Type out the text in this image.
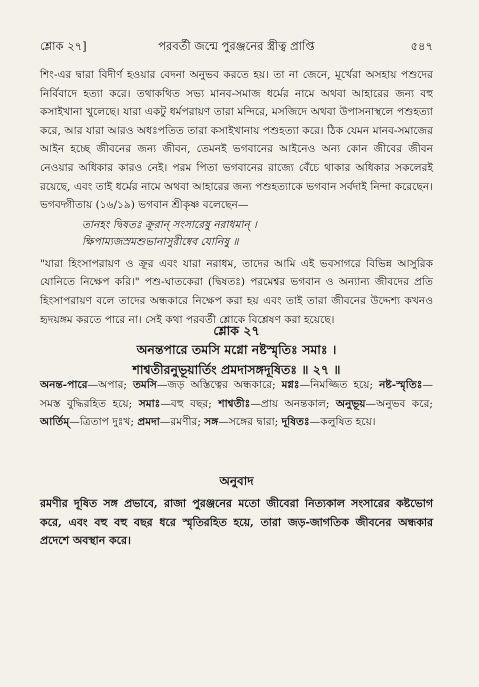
শ্লোক ২৭]	পরবর্তী জন্মে পুরঞ্জনের স্ত্রীত্ব প্রাপ্তি	৫৪৭

শিং-এর দ্বারা বিদীর্ণ হওয়ার বেদনা অনুভব করতে হয়। তা না জেনে, মূর্খেরা অসহায় পশুদের নির্বিবাদে হত্যা করে। তথাকথিত সভ্য মানব-সমাজ ধর্মের নামে অথবা আহারের জন্য বহু কসাইখানা খুলেছে। যারা একটু ধর্মপরায়ণ তারা মন্দিরে, মসজিদে অথবা উপাসনাস্থলে পশুহত্যা করে, আর যারা আরও অধঃপতিত তারা কসাইখানায় পশুহত্যা করে। ঠিক যেমন মানব-সমাজের আইন হচ্ছে জীবনের জন্য জীবন, তেমনই ভগবানের আইনেও অন্য কোন জীবের জীবন নেওয়ার অধিকার কারও নেই। পরম পিতা ভগবানের রাজ্যে বেঁচে থাকার অধিকার সকলেরই রয়েছে, এবং তাই ধর্মের নামে অথবা আহারের জন্য পশুহত্যাকে ভগবান সর্বদাই নিন্দা করেছেন। ভগবদ্গীতায় (১৬/১৯) ভগবান শ্রীকৃষ্ণ বলেছেন—

তানহং দ্বিষতঃ ক্রূরান্ সংসারেষু নরাধমান্ ।
ক্ষিপাম্যজস্রমশুভানাসুরীষ্বেব যোনিষু ॥

"যারা হিংসাপরায়ণ ও ক্রূর এবং যারা নরাধম, তাদের আমি এই ভবসাগরে বিভিন্ন আসুরিক যোনিতে নিক্ষেপ করি।" পশু-ঘাতকেরা (দ্বিষতঃ) পরমেশ্বর ভগবান ও অন্যান্য জীবদের প্রতি হিংসাপরায়ণ বলে তাদের অন্ধকারে নিক্ষেপ করা হয় এবং তাই তারা জীবনের উদ্দেশ্য কখনও হৃদয়ঙ্গম করতে পারে না। সেই কথা পরবর্তী শ্লোকে বিশ্লেষণ করা হয়েছে।

শ্লোক ২৭
অনন্তপারে তমসি মগ্নো নষ্টস্মৃতিঃ সমাঃ ।
শাশ্বতীরনুভূয়ার্তিং প্রমদাসঙ্গদূষিতঃ ॥ ২৭ ॥
অনন্ত-পারে—অপার; তমসি—জড় অস্তিত্বের অন্ধকারে; মগ্নঃ—নিমজ্জিত হয়ে; নষ্ট-স্মৃতিঃ—সমস্ত বুদ্ধিরহিত হয়ে; সমাঃ—বহু বছর; শাশ্বতীঃ—প্রায় অনন্তকাল; অনুভূয়—অনুভব করে; আর্তিম্—ত্রিতাপ দুঃখ; প্রমদা—রমণীর; সঙ্গ—সঙ্গের দ্বারা; দূষিতঃ—কলুষিত হয়ে।
অনুবাদ
রমণীর দূষিত সঙ্গ প্রভাবে, রাজা পুরঞ্জনের মতো জীবেরা নিত্যকাল সংসারের কষ্টভোগ করে, এবং বহু বহু বছর ধরে স্মৃতিরহিত হয়ে, তারা জড়-জাগতিক জীবনের অন্ধকার প্রদেশে অবস্থান করে।
